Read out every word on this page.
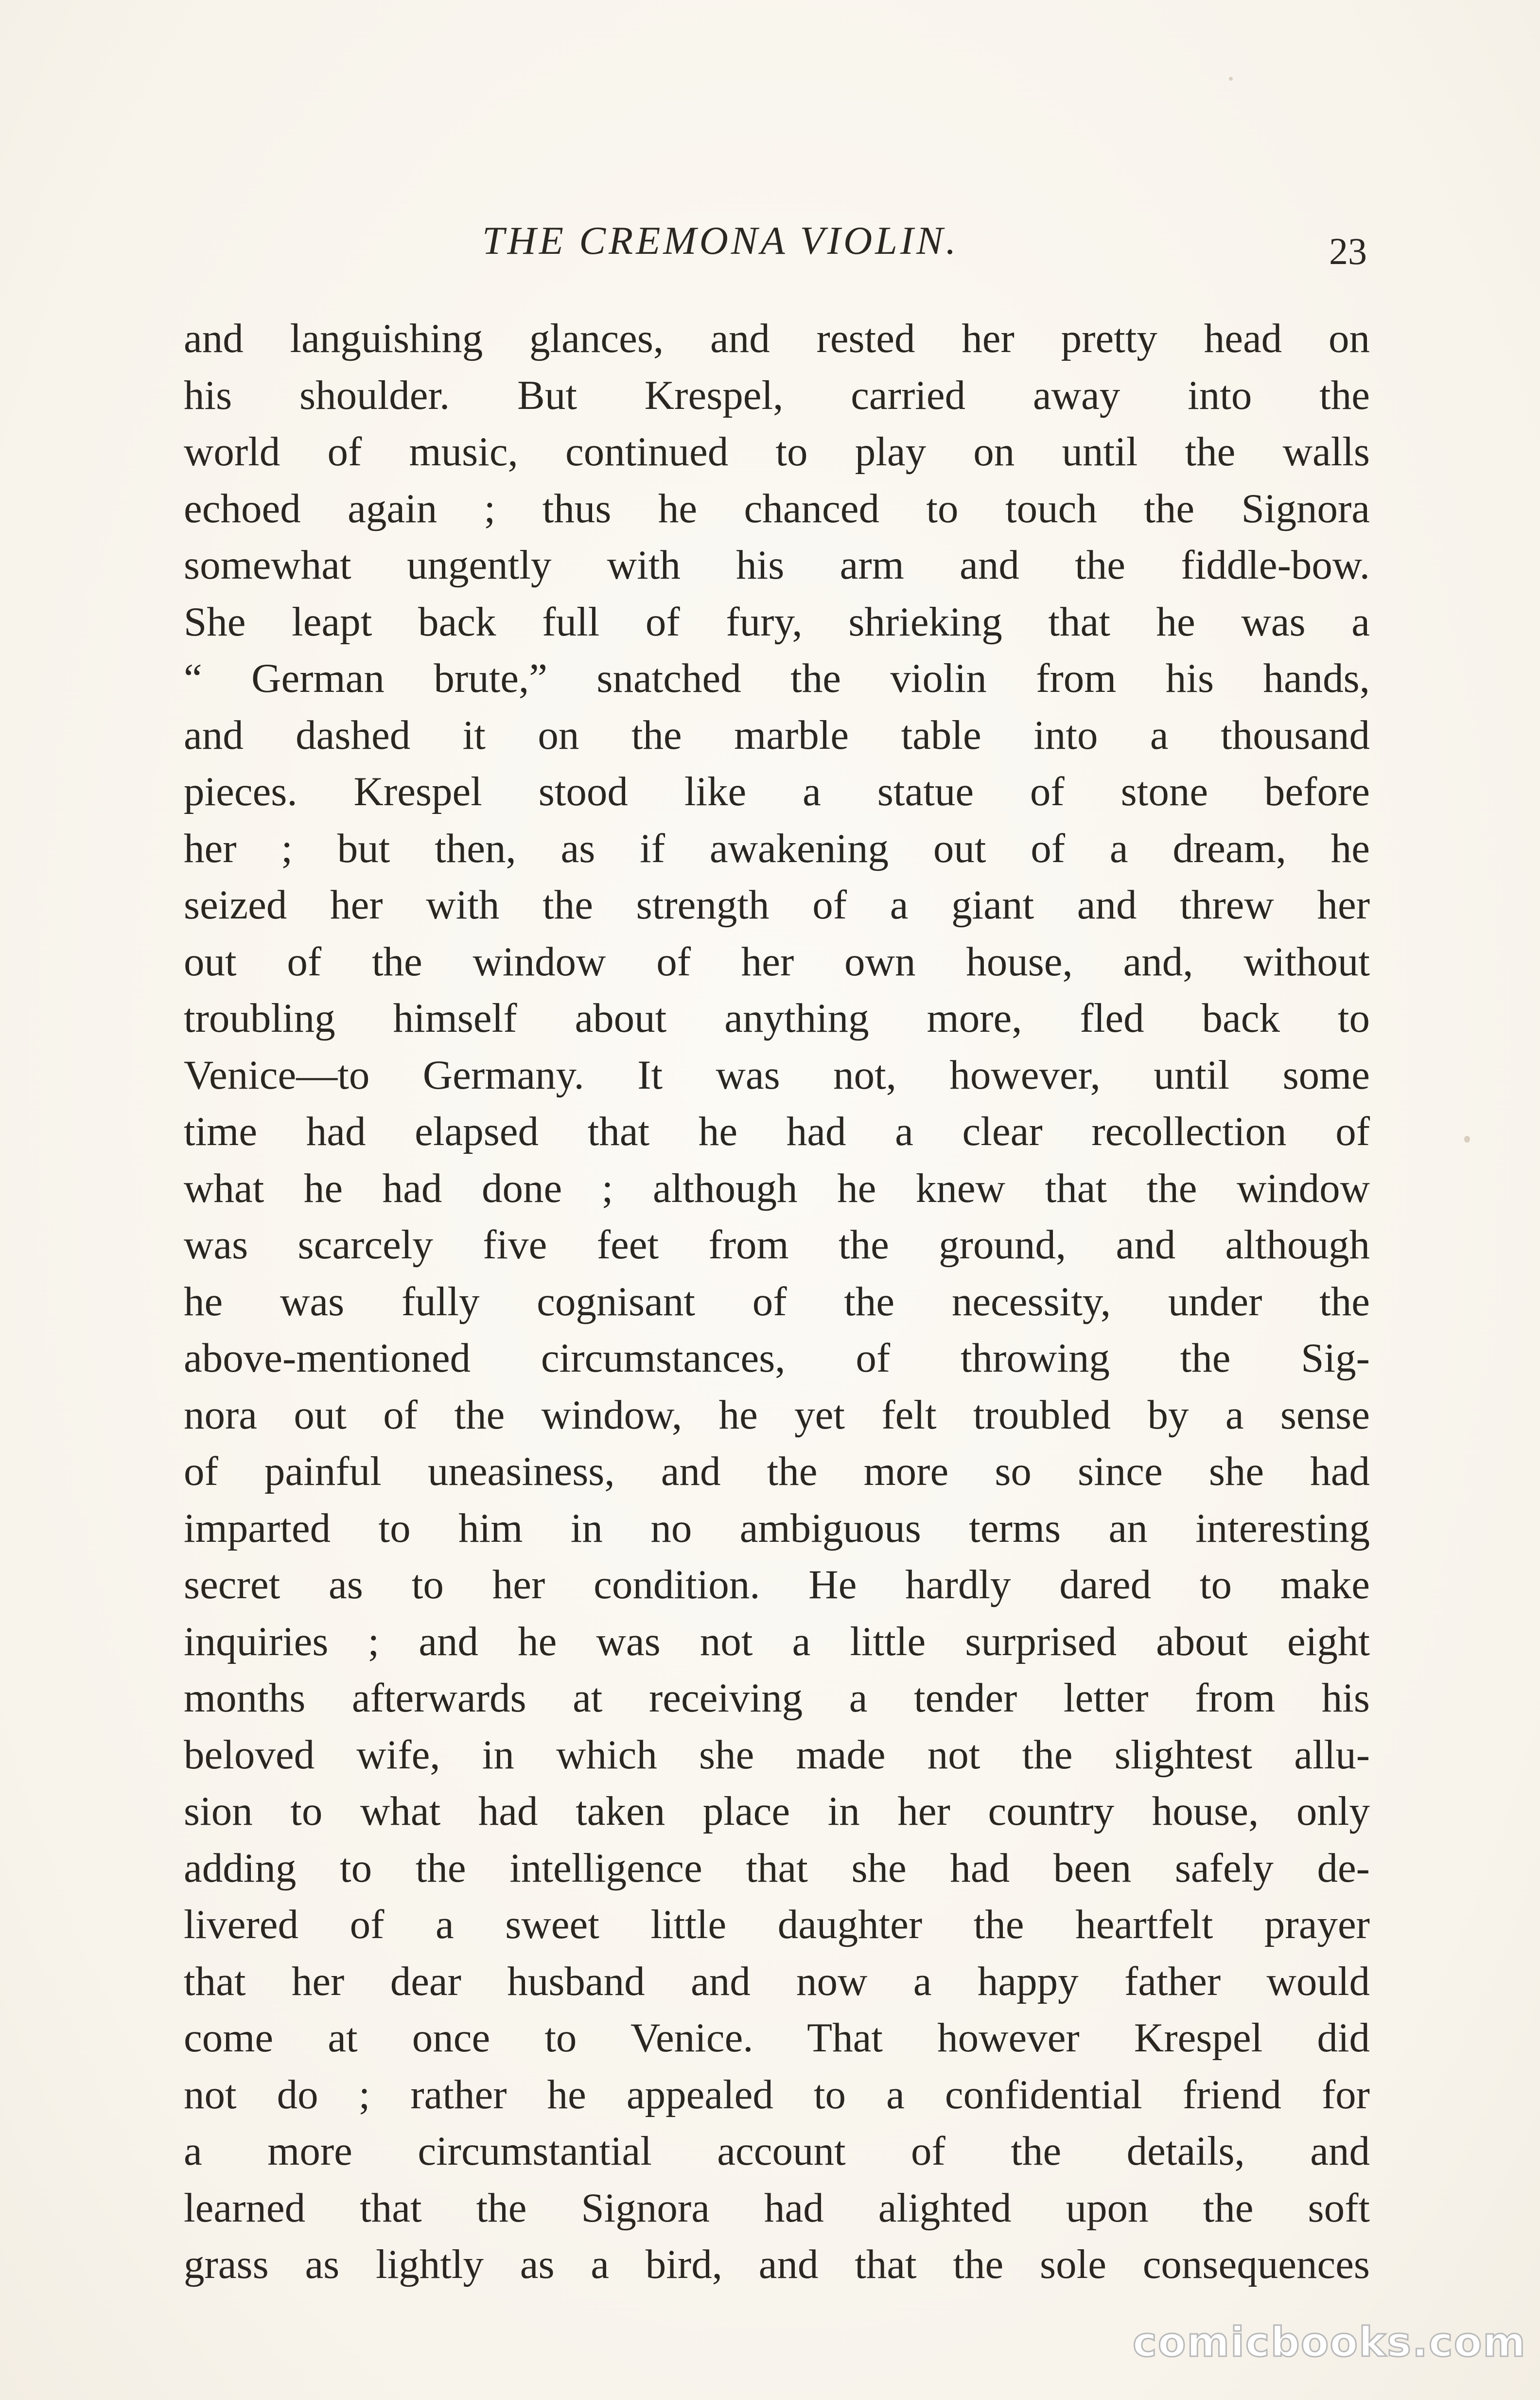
THE CREMONA VIOLIN.	23
and languishing glances, and rested her pretty head on
his shoulder. But Krespel, carried away into the
world of music, continued to play on until the walls
echoed again ; thus he chanced to touch the Signora
somewhat ungently with his arm and the fiddle-bow.
She leapt back full of fury, shrieking that he was a
“ German brute,” snatched the violin from his hands,
and dashed it on the marble table into a thousand
pieces. Krespel stood like a statue of stone before
her ; but then, as if awakening out of a dream, he
seized her with the strength of a giant and threw her
out of the window of her own house, and, without
troubling himself about anything more, fled back to
Venice—to Germany. It was not, however, until some
time had elapsed that he had a clear recollection of
what he had done ; although he knew that the window
was scarcely five feet from the ground, and although
he was fully cognisant of the necessity, under the
above-mentioned circumstances, of throwing the Sig-
nora out of the window, he yet felt troubled by a sense
of painful uneasiness, and the more so since she had
imparted to him in no ambiguous terms an interesting
secret as to her condition. He hardly dared to make
inquiries ; and he was not a little surprised about eight
months afterwards at receiving a tender letter from his
beloved wife, in which she made not the slightest allu-
sion to what had taken place in her country house, only
adding to the intelligence that she had been safely de-
livered of a sweet little daughter the heartfelt prayer
that her dear husband and now a happy father would
come at once to Venice. That however Krespel did
not do ; rather he appealed to a confidential friend for
a more circumstantial account of the details, and
learned that the Signora had alighted upon the soft
grass as lightly as a bird, and that the sole consequences
comicbooks.com
